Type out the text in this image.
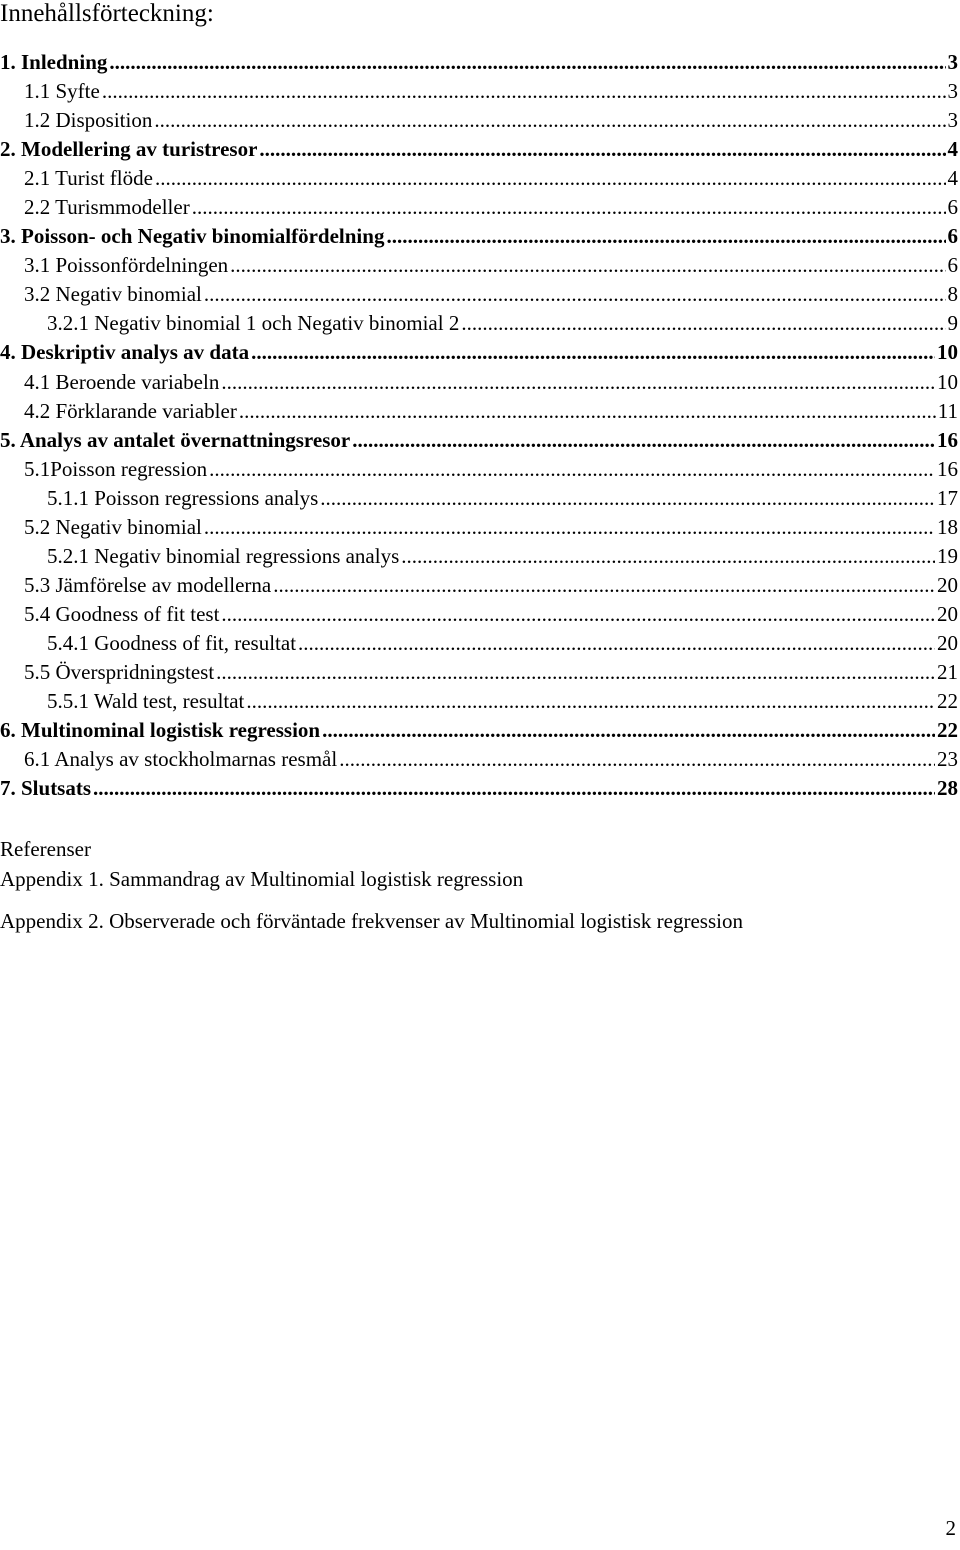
Innehållsförteckning:
1. Inledning .....	3
1.1 Syfte .....	3
1.2 Disposition .....	3
2. Modellering av turistresor .....	4
2.1 Turist flöde .....	4
2.2 Turismmodeller .....	6
3. Poisson- och Negativ binomialfördelning .....	6
3.1 Poissonfördelningen .....	6
3.2 Negativ binomial .....	8
3.2.1 Negativ binomial 1 och Negativ binomial 2 .....	9
4. Deskriptiv analys av data .....	10
4.1 Beroende variabeln .....	10
4.2 Förklarande variabler .....	11
5. Analys av antalet övernattningsresor .....	16
5.1Poisson regression .....	16
5.1.1 Poisson regressions analys .....	17
5.2 Negativ binomial .....	18
5.2.1 Negativ binomial regressions analys .....	19
5.3 Jämförelse av modellerna .....	20
5.4 Goodness of fit test .....	20
5.4.1 Goodness of fit, resultat .....	20
5.5 Överspridningstest .....	21
5.5.1 Wald test, resultat .....	22
6. Multinominal logistisk regression .....	22
6.1 Analys av stockholmarnas resmål .....	23
7. Slutsats .....	28
Referenser
Appendix 1. Sammandrag av Multinomial logistisk regression
Appendix 2. Observerade och förväntade frekvenser av Multinomial logistisk regression
2
